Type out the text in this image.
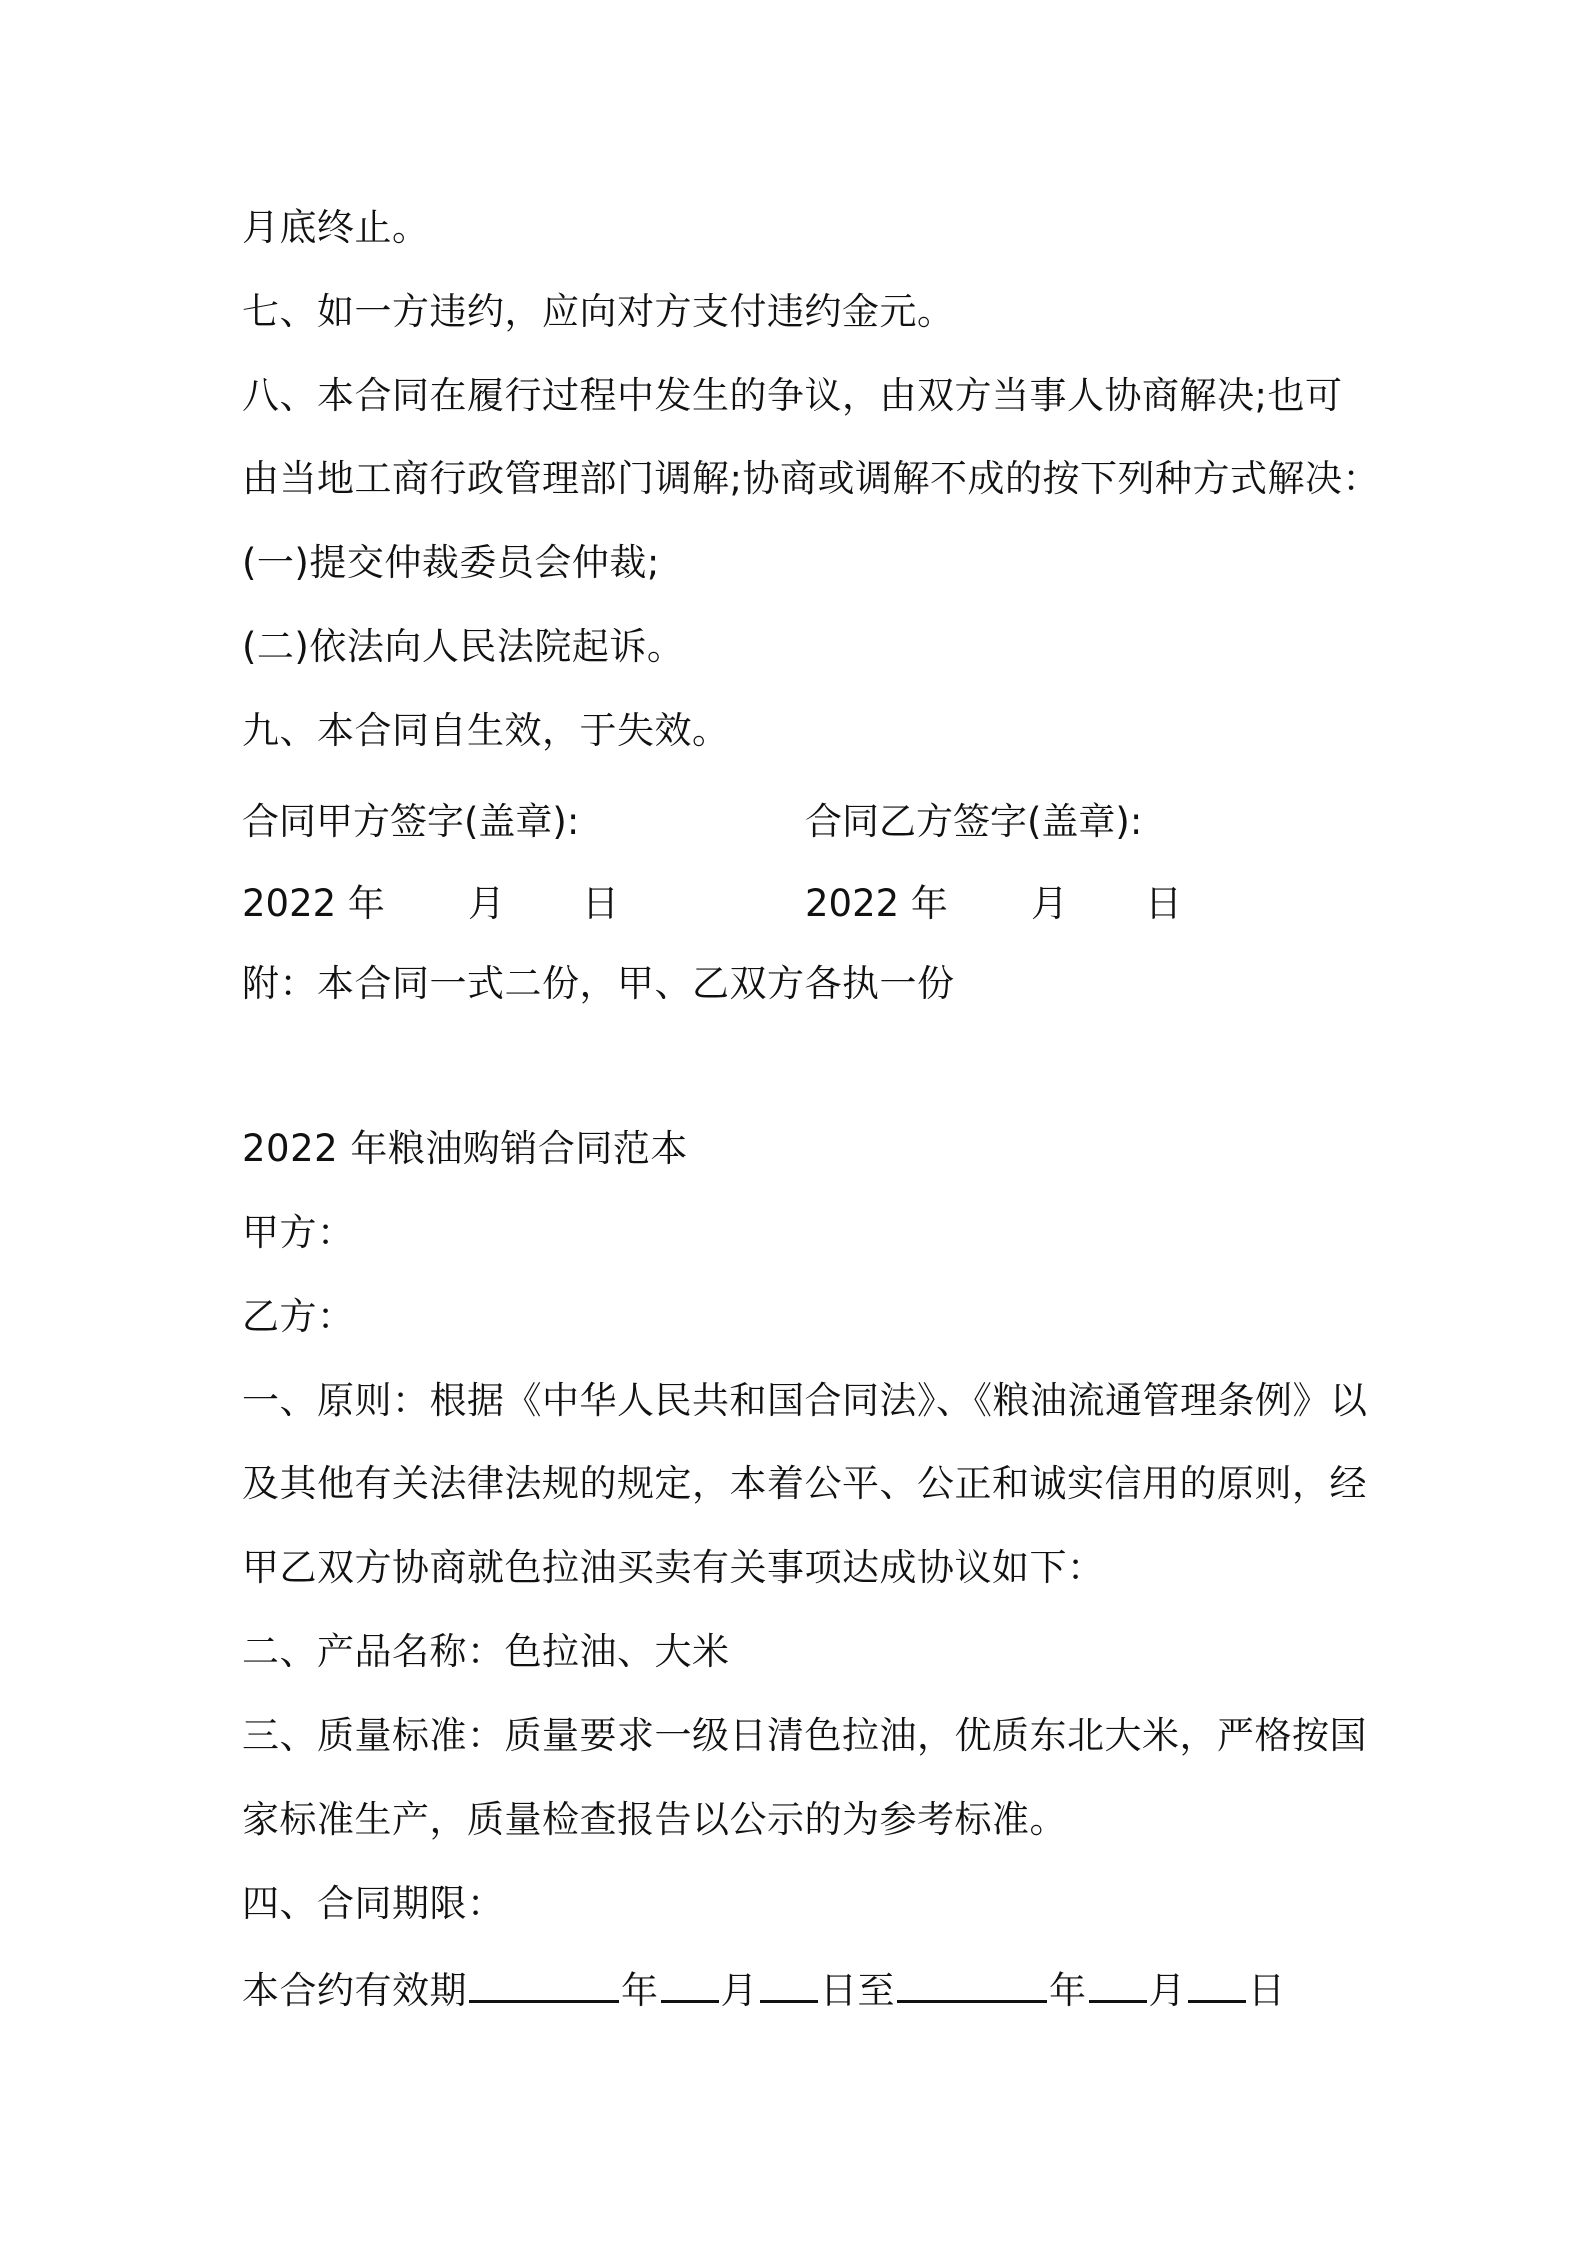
月底终止。
七、如一方违约，应向对方支付违约金元。
八、本合同在履行过程中发生的争议，由双方当事人协商解决;也可
由当地工商行政管理部门调解;协商或调解不成的按下列种方式解决：
(一)提交仲裁委员会仲裁;
(二)依法向人民法院起诉。
九、本合同自生效，于失效。
合同甲方签字(盖章):	合同乙方签字(盖章):
2022 年 月 日	2022 年 月 日
附：本合同一式二份，甲、乙双方各执一份
2022 年粮油购销合同范本
甲方：
乙方：
一、原则：根据《中华人民共和国合同法》、《粮油流通管理条例》以
及其他有关法律法规的规定，本着公平、公正和诚实信用的原则，经
甲乙双方协商就色拉油买卖有关事项达成协议如下：
二、产品名称：色拉油、大米
三、质量标准：质量要求一级日清色拉油，优质东北大米，严格按国
家标准生产，质量检查报告以公示的为参考标准。
四、合同期限：
本合约有效期	年 月 日至	年 月 日
